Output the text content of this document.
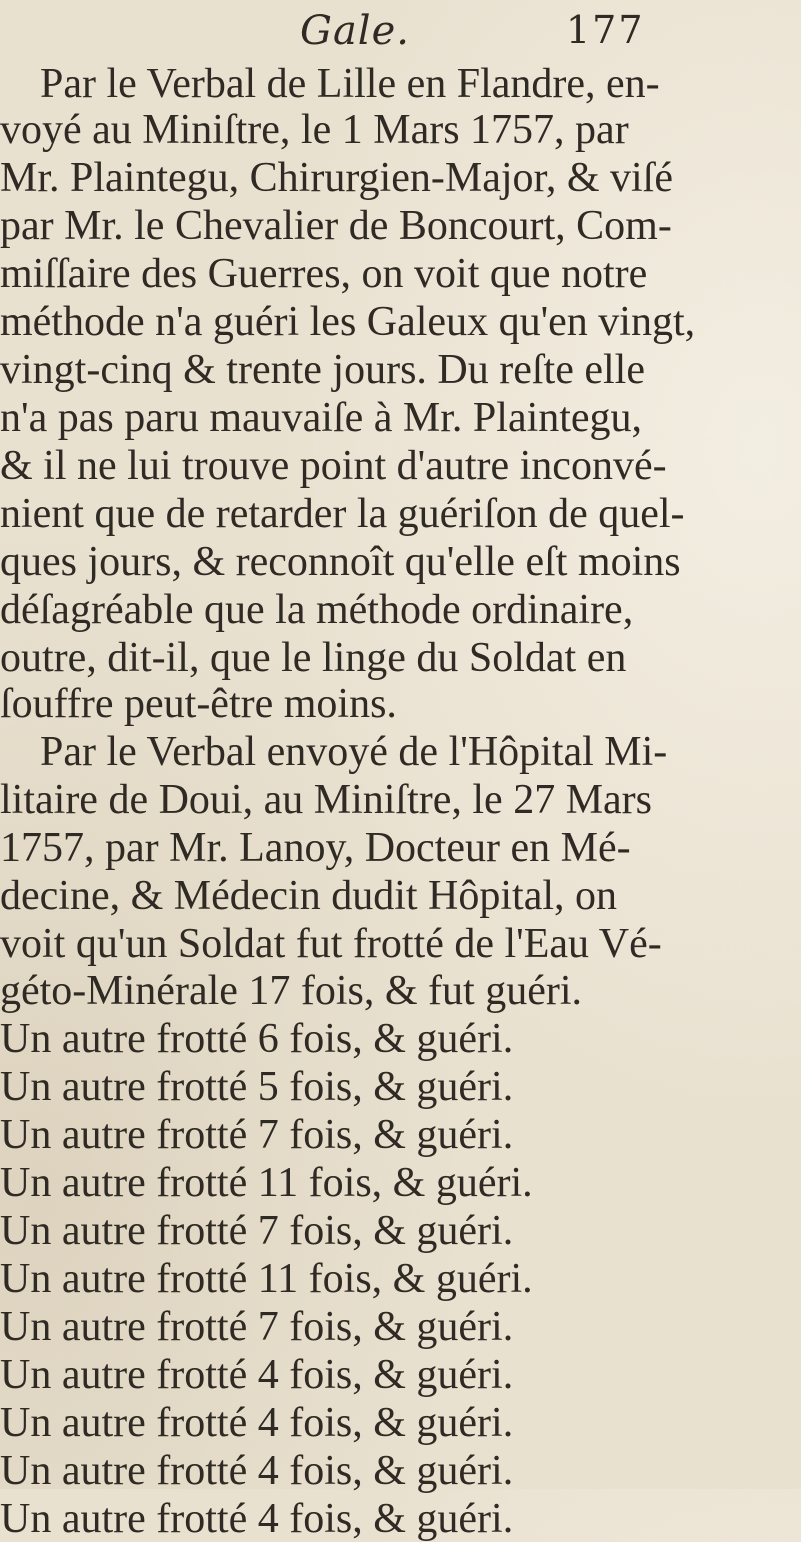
Gale.	177
Par le Verbal de Lille en Flandre, en-
voyé au Miniſtre, le 1 Mars 1757, par
Mr. Plaintegu, Chirurgien-Major, & viſé
par Mr. le Chevalier de Boncourt, Com-
miſſaire des Guerres, on voit que notre
méthode n'a guéri les Galeux qu'en vingt,
vingt-cinq & trente jours. Du reſte elle
n'a pas paru mauvaiſe à Mr. Plaintegu,
& il ne lui trouve point d'autre inconvé-
nient que de retarder la guériſon de quel-
ques jours, & reconnoît qu'elle eſt moins
déſagréable que la méthode ordinaire,
outre, dit-il, que le linge du Soldat en
ſouffre peut-être moins.
Par le Verbal envoyé de l'Hôpital Mi-
litaire de Doui, au Miniſtre, le 27 Mars
1757, par Mr. Lanoy, Docteur en Mé-
decine, & Médecin dudit Hôpital, on
voit qu'un Soldat fut frotté de l'Eau Vé-
géto-Minérale 17 fois, & fut guéri.
Un autre frotté 6 fois, & guéri.
Un autre frotté 5 fois, & guéri.
Un autre frotté 7 fois, & guéri.
Un autre frotté 11 fois, & guéri.
Un autre frotté 7 fois, & guéri.
Un autre frotté 11 fois, & guéri.
Un autre frotté 7 fois, & guéri.
Un autre frotté 4 fois, & guéri.
Un autre frotté 4 fois, & guéri.
Un autre frotté 4 fois, & guéri.
Un autre frotté 4 fois, & guéri.
